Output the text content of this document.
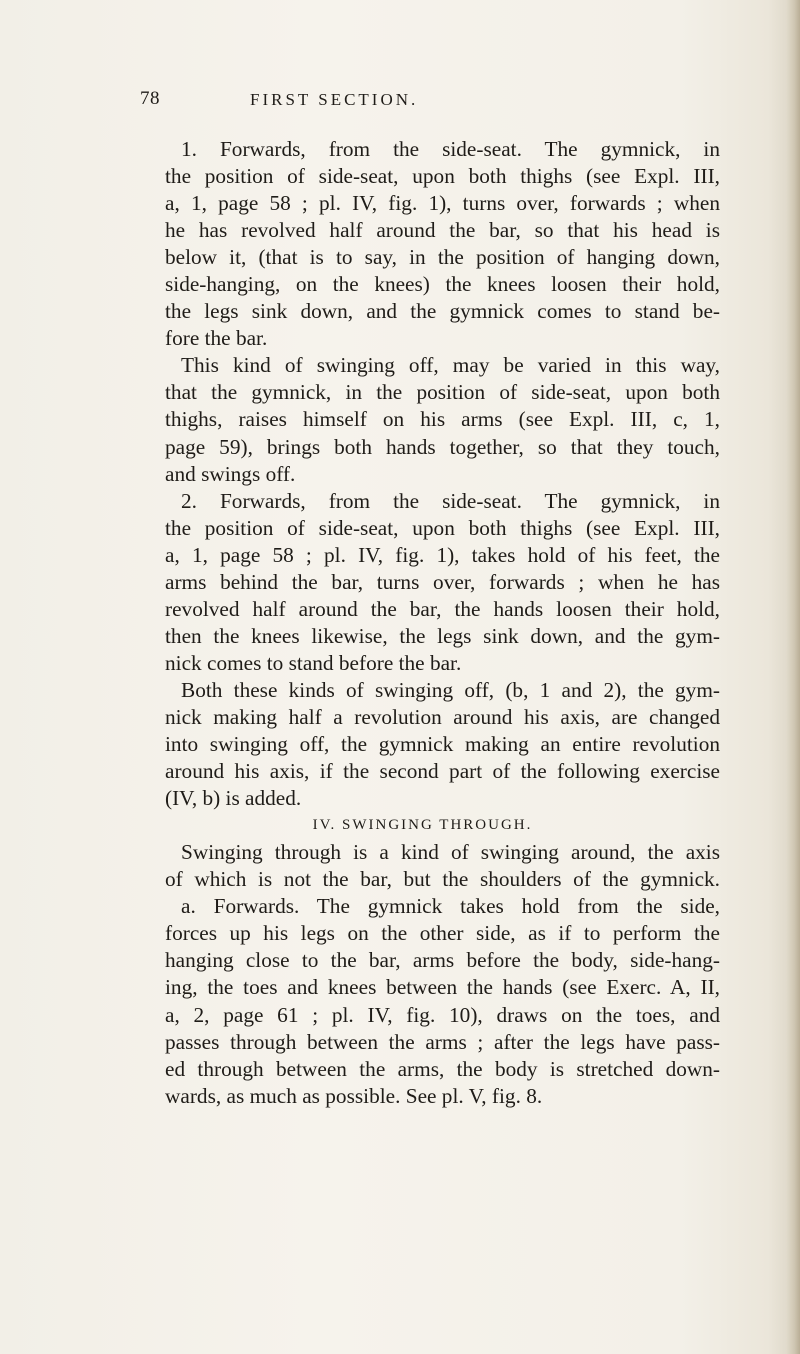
78	FIRST SECTION.
1. Forwards, from the side-seat. The gymnick, in
the position of side-seat, upon both thighs (see Expl. III,
a, 1, page 58 ; pl. IV, fig. 1), turns over, forwards ; when
he has revolved half around the bar, so that his head is
below it, (that is to say, in the position of hanging down,
side-hanging, on the knees) the knees loosen their hold,
the legs sink down, and the gymnick comes to stand be-
fore the bar.
This kind of swinging off, may be varied in this way,
that the gymnick, in the position of side-seat, upon both
thighs, raises himself on his arms (see Expl. III, c, 1,
page 59), brings both hands together, so that they touch,
and swings off.
2. Forwards, from the side-seat. The gymnick, in
the position of side-seat, upon both thighs (see Expl. III,
a, 1, page 58 ; pl. IV, fig. 1), takes hold of his feet, the
arms behind the bar, turns over, forwards ; when he has
revolved half around the bar, the hands loosen their hold,
then the knees likewise, the legs sink down, and the gym-
nick comes to stand before the bar.
Both these kinds of swinging off, (b, 1 and 2), the gym-
nick making half a revolution around his axis, are changed
into swinging off, the gymnick making an entire revolution
around his axis, if the second part of the following exercise
(IV, b) is added.
IV. SWINGING THROUGH.
Swinging through is a kind of swinging around, the axis
of which is not the bar, but the shoulders of the gymnick.
a. Forwards. The gymnick takes hold from the side,
forces up his legs on the other side, as if to perform the
hanging close to the bar, arms before the body, side-hang-
ing, the toes and knees between the hands (see Exerc. A, II,
a, 2, page 61 ; pl. IV, fig. 10), draws on the toes, and
passes through between the arms ; after the legs have pass-
ed through between the arms, the body is stretched down-
wards, as much as possible. See pl. V, fig. 8.
